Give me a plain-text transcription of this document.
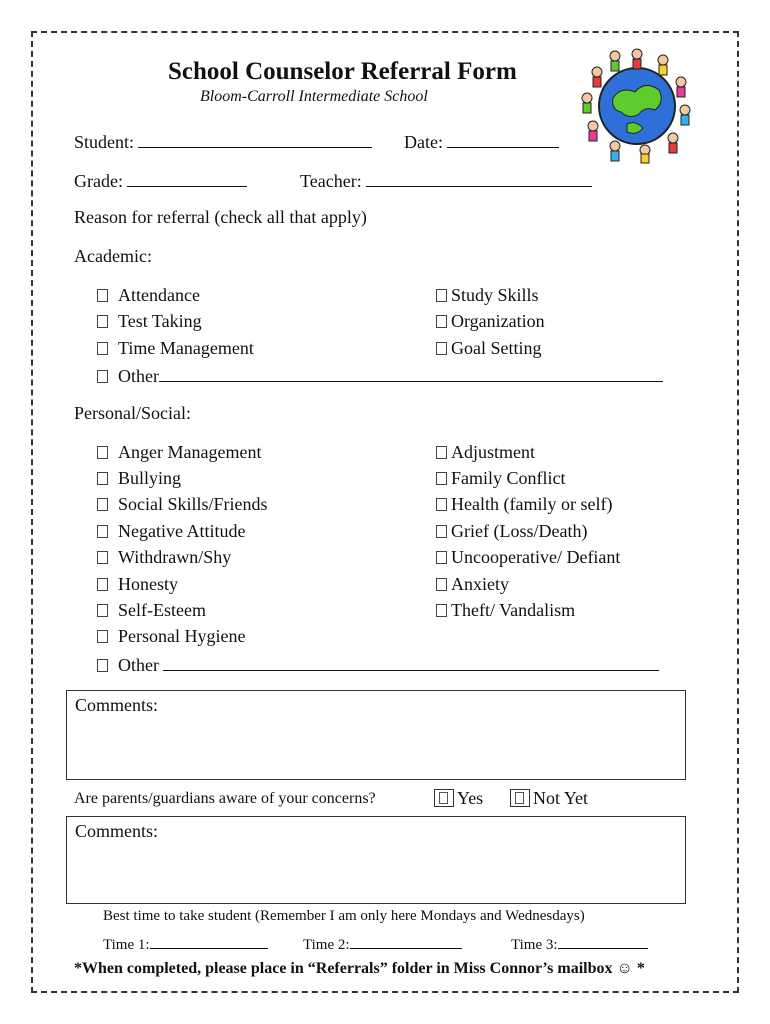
School Counselor Referral Form
Bloom-Carroll Intermediate School
Student:	Date:
Grade:	Teacher:
Reason for referral (check all that apply)
Academic:
Attendance
Test Taking
Time Management
Other
Study Skills
Organization
Goal Setting
Personal/Social:
Anger Management
Bullying
Social Skills/Friends
Negative Attitude
Withdrawn/Shy
Honesty
Self-Esteem
Personal Hygiene
Other
Adjustment
Family Conflict
Health (family or self)
Grief (Loss/Death)
Uncooperative/ Defiant
Anxiety
Theft/ Vandalism
Comments:
Are parents/guardians aware of your concerns?	Yes	Not Yet
Comments:
Best time to take student (Remember I am only here Mondays and Wednesdays)
Time 1:	Time 2:	Time 3:
*When completed, please place in “Referrals” folder in Miss Connor’s mailbox ☺ *
